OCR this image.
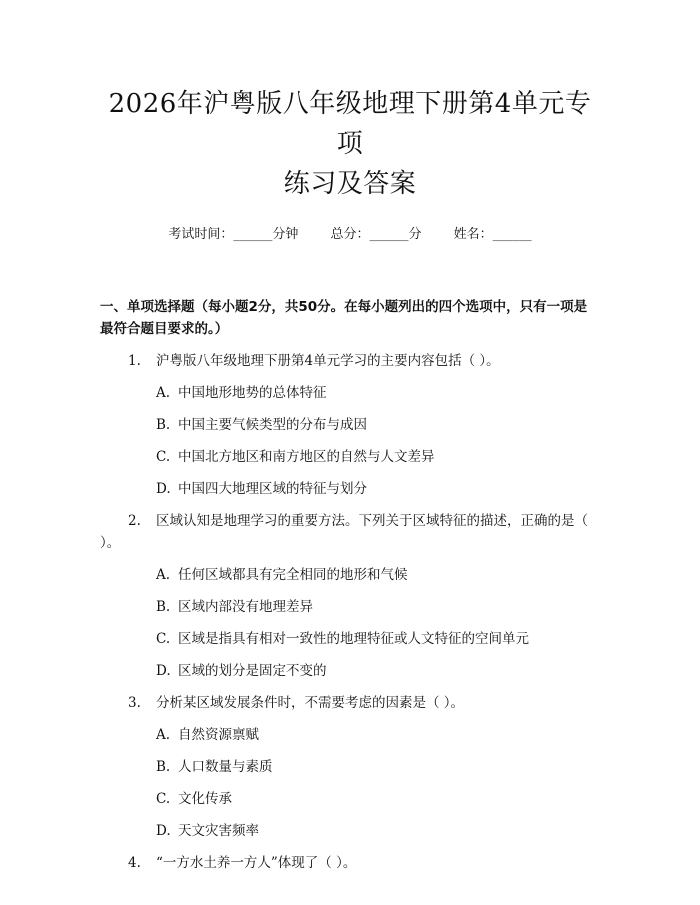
2026年沪粤版八年级地理下册第4单元专项
练习及答案
考试时间：______分钟 总分：______分 姓名：______
一、单项选择题（每小题2分，共50分。在每小题列出的四个选项中，只有一项是最符合题目要求的。）
1. 沪粤版八年级地理下册第4单元学习的主要内容包括（ ）。
A. 中国地形地势的总体特征
B. 中国主要气候类型的分布与成因
C. 中国北方地区和南方地区的自然与人文差异
D. 中国四大地理区域的特征与划分
2. 区域认知是地理学习的重要方法。下列关于区域特征的描述，正确的是（ ）。
A. 任何区域都具有完全相同的地形和气候
B. 区域内部没有地理差异
C. 区域是指具有相对一致性的地理特征或人文特征的空间单元
D. 区域的划分是固定不变的
3. 分析某区域发展条件时，不需要考虑的因素是（ ）。
A. 自然资源禀赋
B. 人口数量与素质
C. 文化传承
D. 天文灾害频率
4. “一方水土养一方人”体现了（ ）。
